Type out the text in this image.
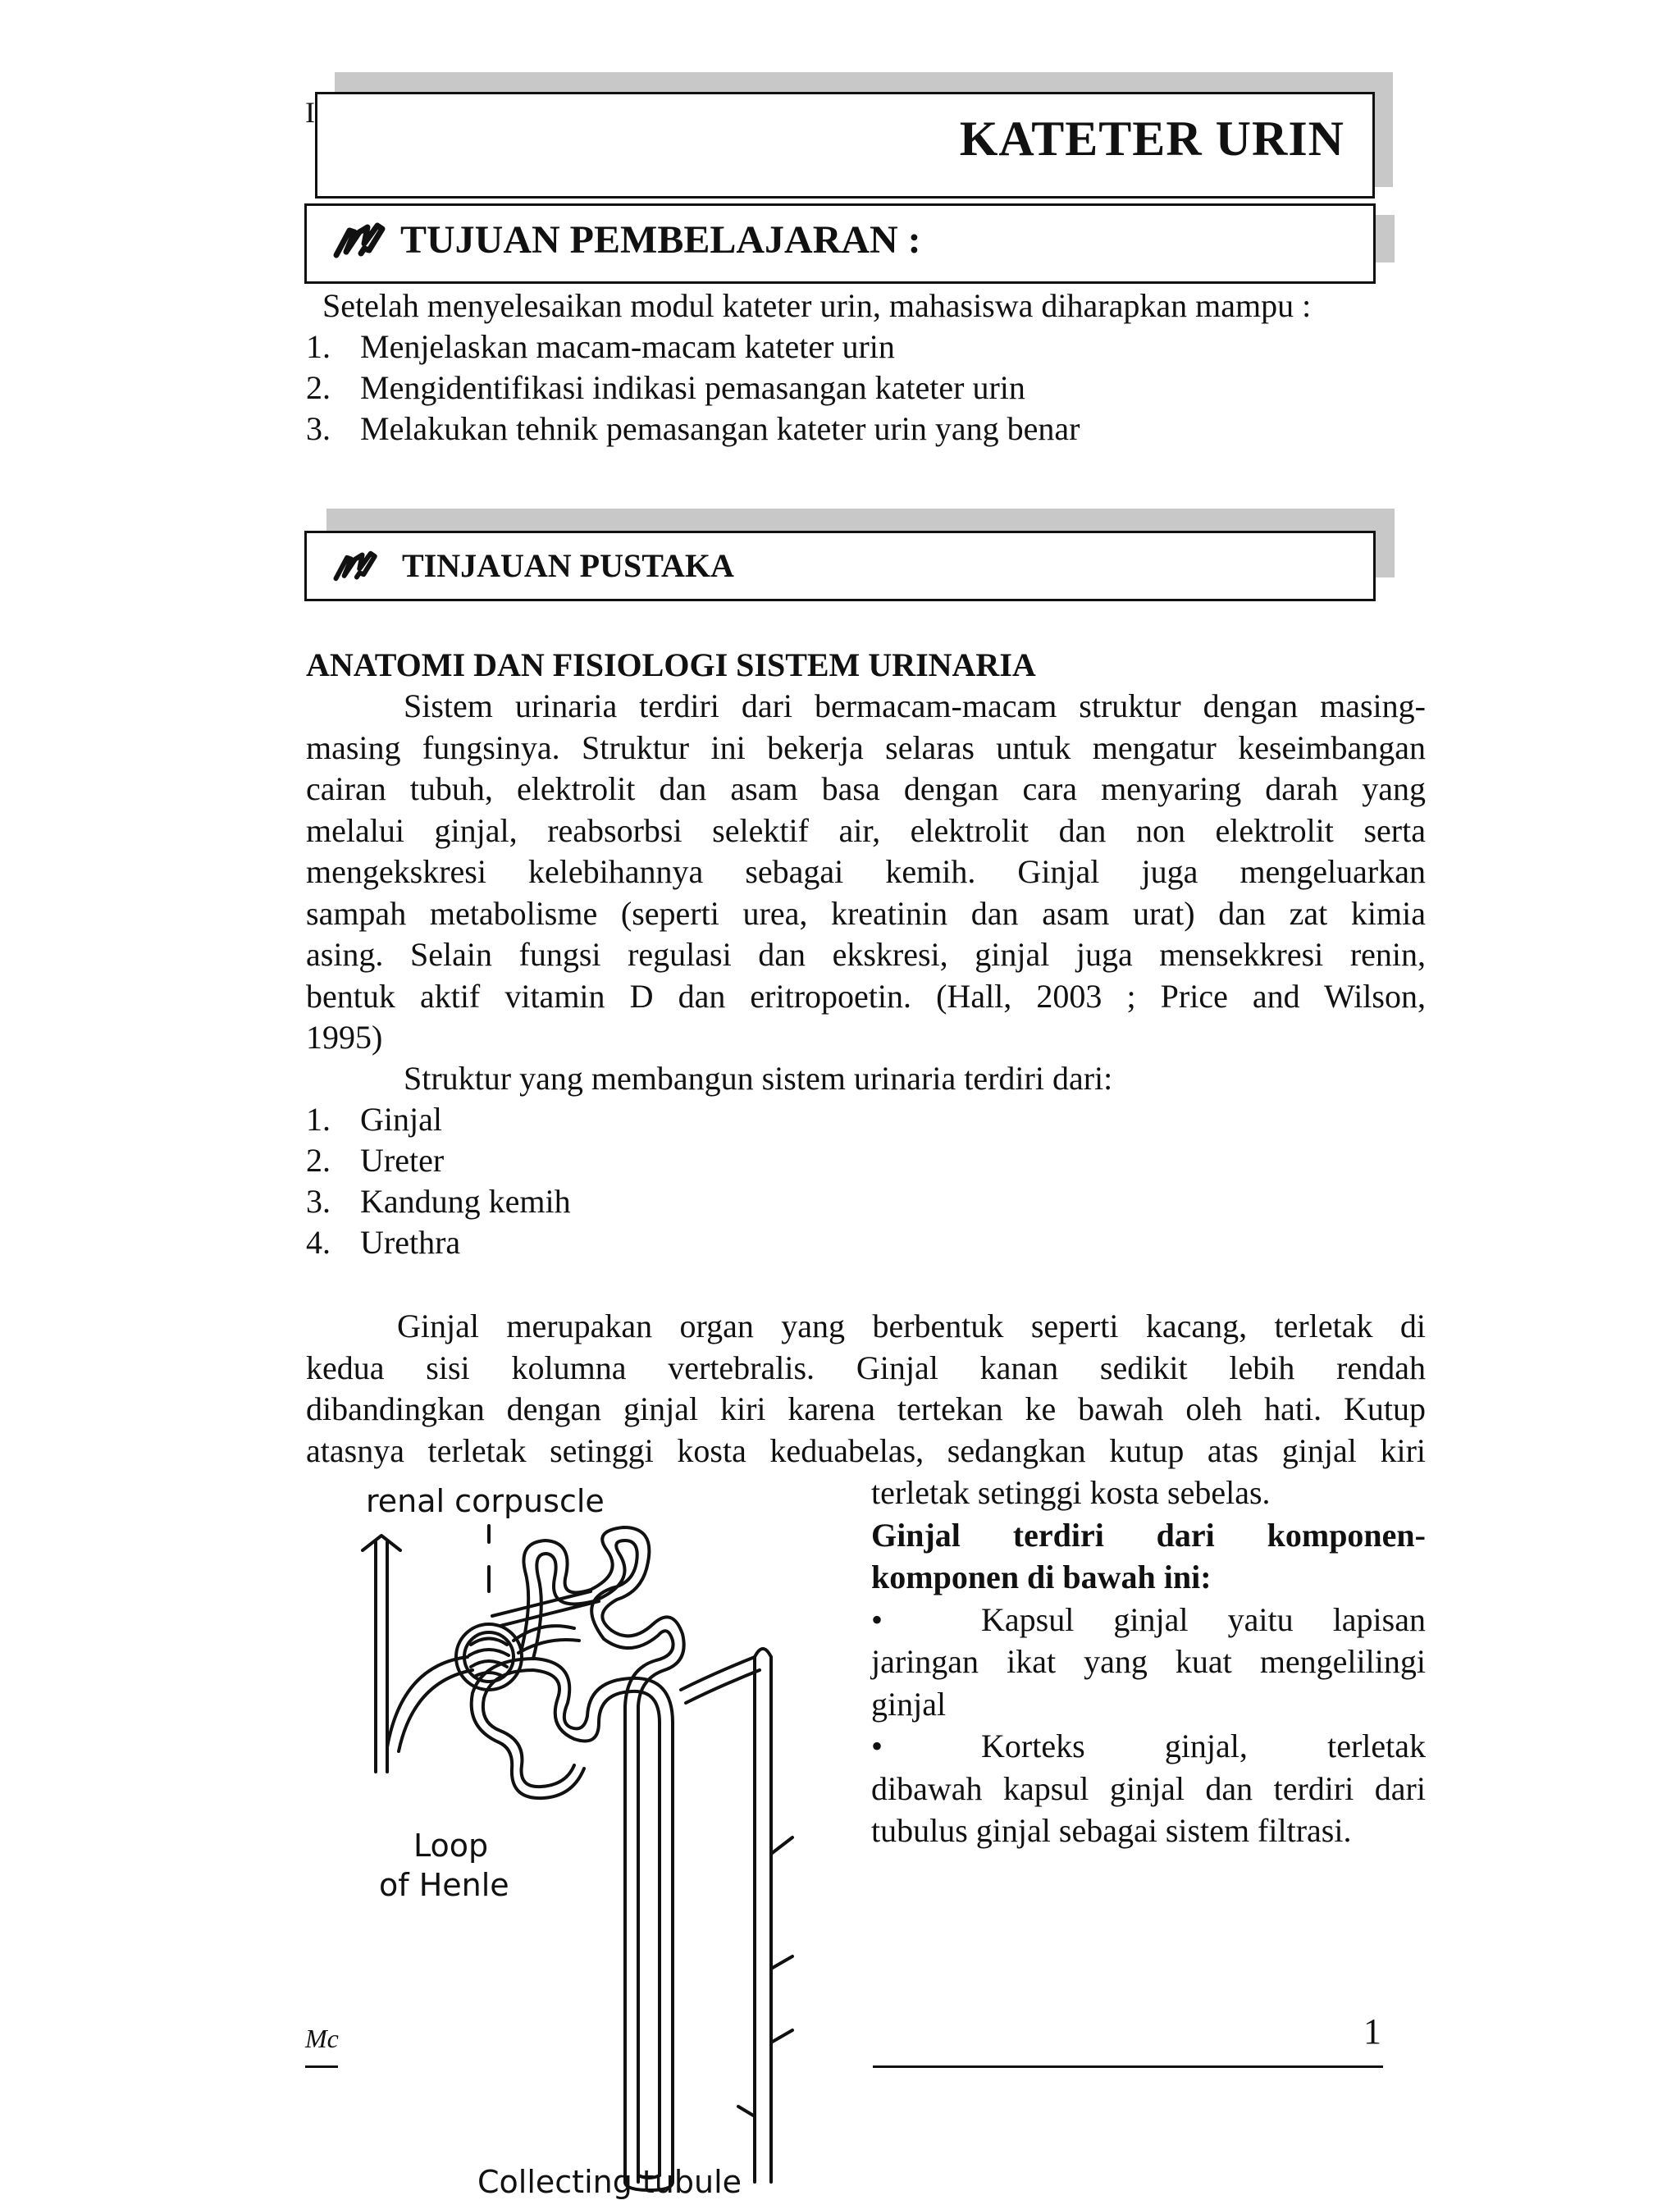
I	KATETER URIN
TUJUAN PEMBELAJARAN :
Setelah menyelesaikan modul kateter urin, mahasiswa diharapkan mampu :
1. Menjelaskan macam-macam kateter urin
2. Mengidentifikasi indikasi pemasangan kateter urin
3. Melakukan tehnik pemasangan kateter urin yang benar
TINJAUAN PUSTAKA
ANATOMI DAN FISIOLOGI SISTEM URINARIA
Sistem urinaria terdiri dari bermacam-macam struktur dengan masing-
masing fungsinya. Struktur ini bekerja selaras untuk mengatur keseimbangan
cairan tubuh, elektrolit dan asam basa dengan cara menyaring darah yang
melalui ginjal, reabsorbsi selektif air, elektrolit dan non elektrolit serta
mengekskresi kelebihannya sebagai kemih. Ginjal juga mengeluarkan
sampah metabolisme (seperti urea, kreatinin dan asam urat) dan zat kimia
asing. Selain fungsi regulasi dan ekskresi, ginjal juga mensekkresi renin,
bentuk aktif vitamin D dan eritropoetin. (Hall, 2003 ; Price and Wilson,
1995)
Struktur yang membangun sistem urinaria terdiri dari:
1. Ginjal
2. Ureter
3. Kandung kemih
4. Urethra
Ginjal merupakan organ yang berbentuk seperti kacang, terletak di
kedua sisi kolumna vertebralis. Ginjal kanan sedikit lebih rendah
dibandingkan dengan ginjal kiri karena tertekan ke bawah oleh hati. Kutup
atasnya terletak setinggi kosta keduabelas, sedangkan kutup atas ginjal kiri
terletak setinggi kosta sebelas.
Ginjal terdiri dari komponen-
komponen di bawah ini:
•	Kapsul ginjal yaitu lapisan
jaringan ikat yang kuat mengelilingi
ginjal
•	Korteks ginjal, terletak
dibawah kapsul ginjal dan terdiri dari
tubulus ginjal sebagai sistem filtrasi.
renal corpuscle
Loop
of Henle
Collecting tubule
Mc	1
